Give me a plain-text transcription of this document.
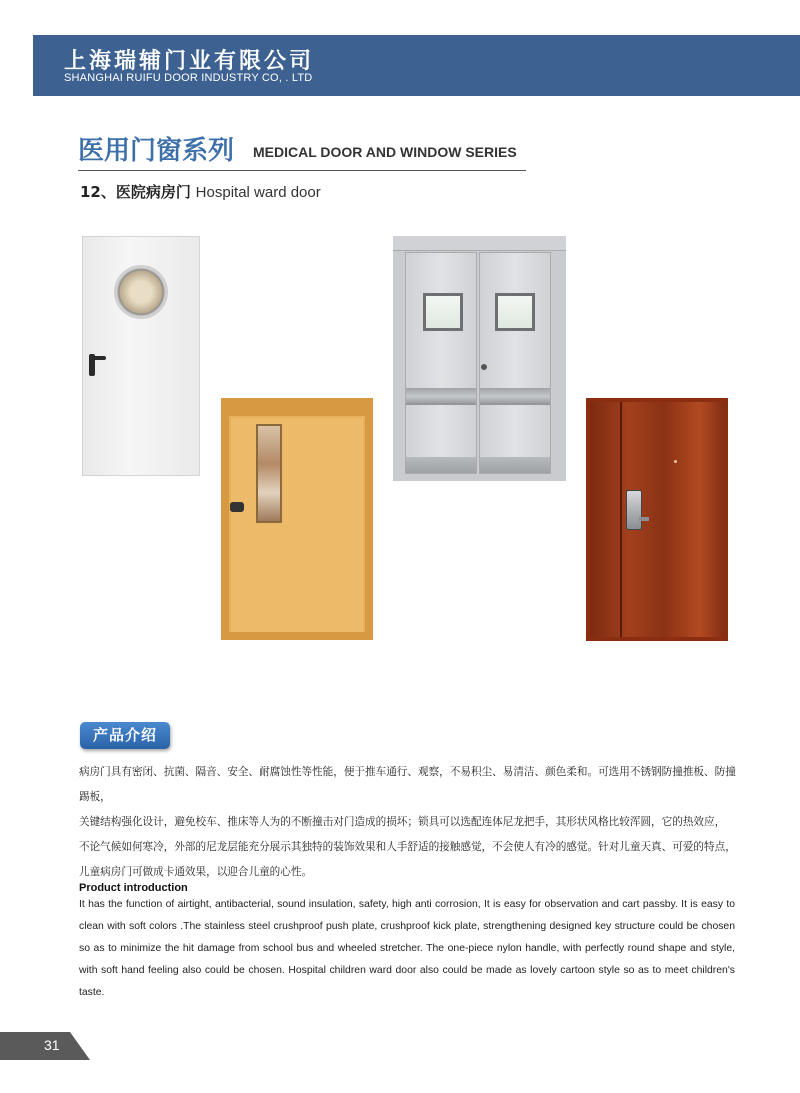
上海瑞辅门业有限公司
SHANGHAI RUIFU DOOR INDUSTRY CO, . LTD
医用门窗系列 MEDICAL DOOR AND WINDOW SERIES
12、医院病房门 Hospital ward door
产品介绍
病房门具有密闭、抗菌、隔音、安全、耐腐蚀性等性能，便于推车通行、观察，不易积尘、易清洁、颜色柔和。可选用不锈钢防撞推板、防撞踢板，
关键结构强化设计，避免校车、推床等人为的不断撞击对门造成的损坏；锁具可以选配连体尼龙把手，其形状风格比较浑圆，它的热效应，
不论气候如何寒冷，外部的尼龙层能充分展示其独特的装饰效果和人手舒适的接触感觉，不会使人有冷的感觉。针对儿童天真、可爱的特点，
儿童病房门可做成卡通效果，以迎合儿童的心性。
Product introduction
It has the function of airtight, antibacterial, sound insulation, safety, high anti corrosion, It is easy for observation and cart passby. It is easy to clean with soft colors .The stainless steel crushproof push plate, crushproof kick plate, strengthening designed key structure could be chosen so as to minimize the hit damage from school bus and wheeled stretcher. The one-piece nylon handle, with perfectly round shape and style, with soft hand feeling also could be chosen. Hospital children ward door also could be made as lovely cartoon style so as to meet children's taste.
31
